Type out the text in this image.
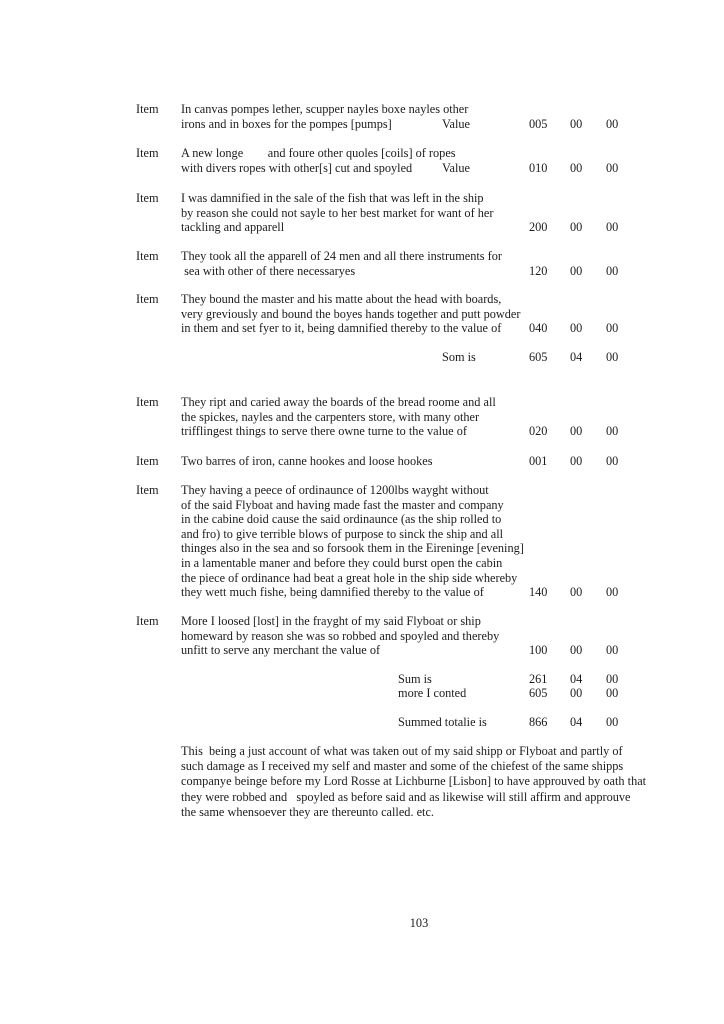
Item In canvas pompes lether, scupper nayles boxe nayles other
irons and in boxes for the pompes [pumps]	Value	005 00 00
Item A new longe        and foure other quoles [coils] of ropes
with divers ropes with other[s] cut and spoyled Value	010 00 00
Item I was damnified in the sale of the fish that was left in the ship
by reason she could not sayle to her best market for want of her
tackling and apparell	200 00 00
Item They took all the apparell of 24 men and all there instruments for
sea with other of there necessaryes	120 00 00
Item They bound the master and his matte about the head with boards,
very greviously and bound the boyes hands together and putt powder
in them and set fyer to it, being damnified thereby to the value of	040 00 00
Som is	605 04 00
Item They ript and caried away the boards of the bread roome and all
the spickes, nayles and the carpenters store, with many other
trifflingest things to serve there owne turne to the value of	020 00 00
Item Two barres of iron, canne hookes and loose hookes	001 00 00
Item They having a peece of ordinaunce of 1200lbs wayght without
of the said Flyboat and having made fast the master and company
in the cabine doid cause the said ordinaunce (as the ship rolled to
and fro) to give terrible blows of purpose to sinck the ship and all
thinges also in the sea and so forsook them in the Eireninge [evening]
in a lamentable maner and before they could burst open the cabin
the piece of ordinance had beat a great hole in the ship side whereby
they wett much fishe, being damnified thereby to the value of	140 00 00
Item More I loosed [lost] in the frayght of my said Flyboat or ship
homeward by reason she was so robbed and spoyled and thereby
unfitt to serve any merchant the value of	100 00 00
Sum is	261 04 00
more I conted	605 00 00
Summed totalie is	866 04 00
This  being a just account of what was taken out of my said shipp or Flyboat and partly of
such damage as I received my self and master and some of the chiefest of the same shipps
companye beinge before my Lord Rosse at Lichburne [Lisbon] to have approuved by oath that
they were robbed and   spoyled as before said and as likewise will still affirm and approuve
the same whensoever they are thereunto called. etc.
103
